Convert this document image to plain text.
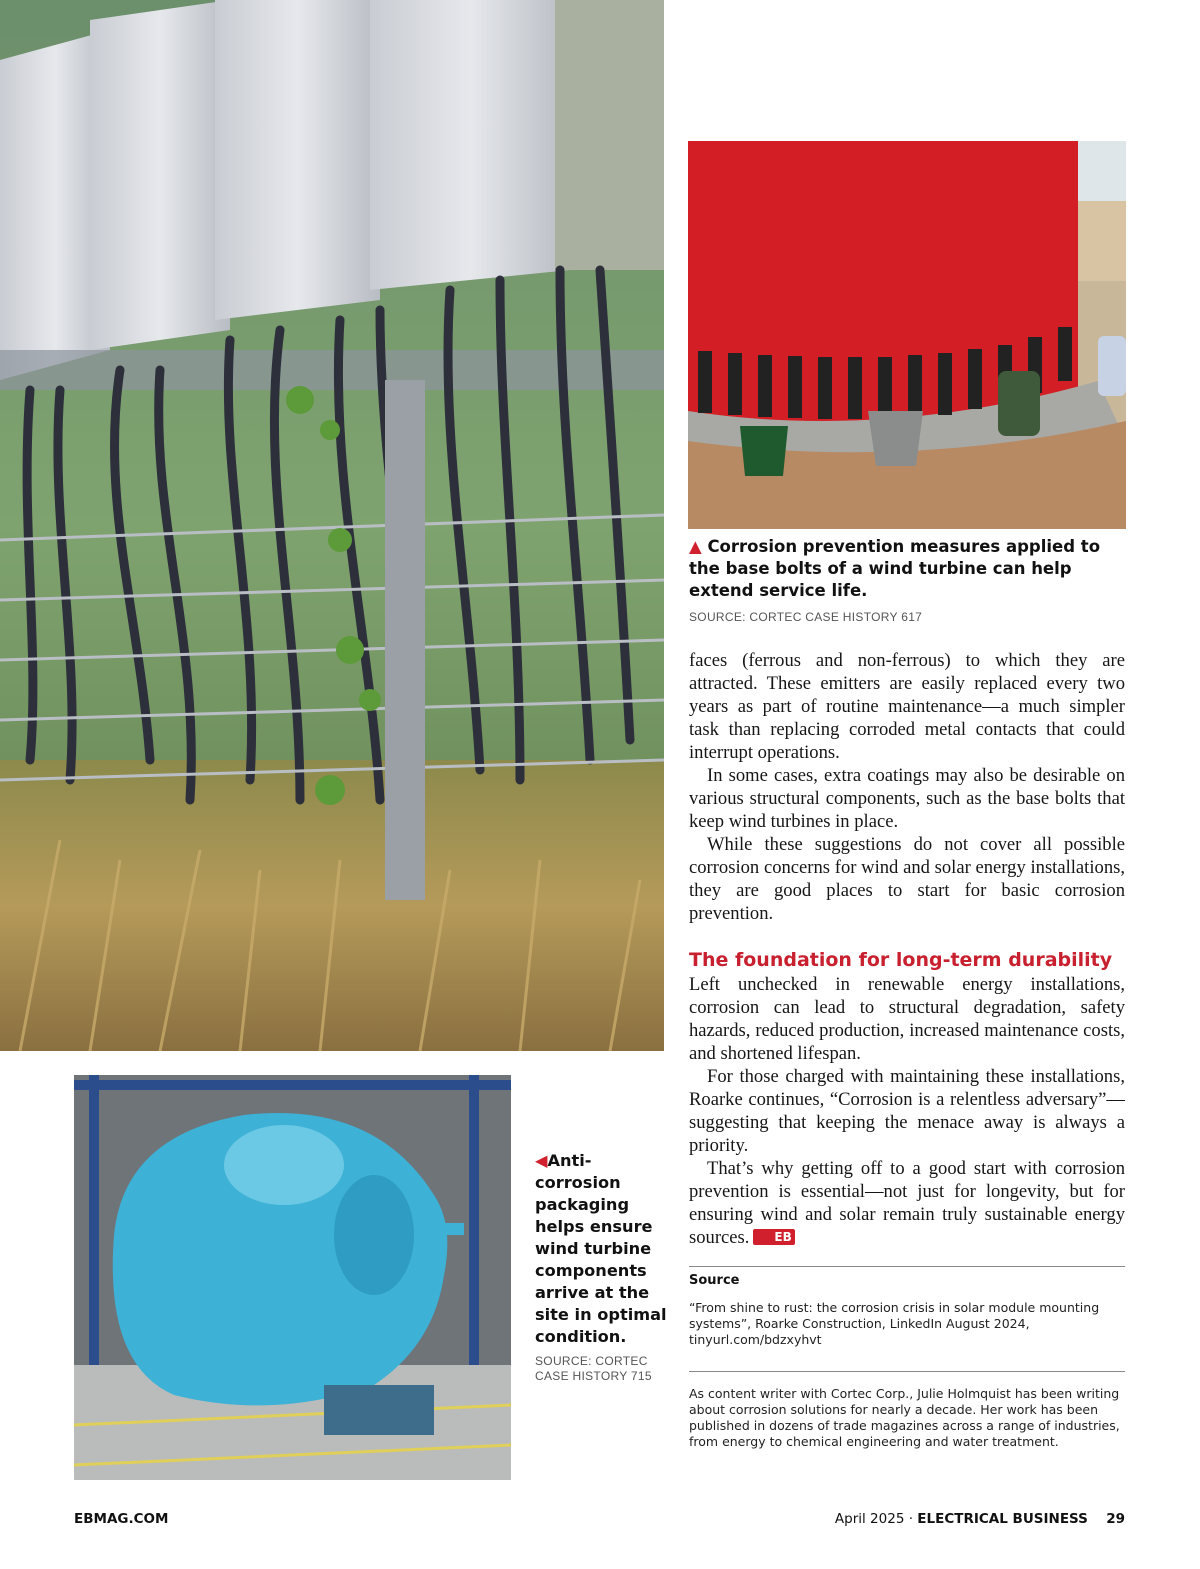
▲ Corrosion prevention measures applied to the base bolts of a wind turbine can help extend service life.
SOURCE: CORTEC CASE HISTORY 617
◀Anti-corrosion packaging helps ensure wind turbine components arrive at the site in optimal condition.
SOURCE: CORTEC CASE HISTORY 715

faces (ferrous and non-ferrous) to which they are attracted. These emitters are easily replaced every two years as part of routine maintenance—a much simpler task than replacing corroded metal contacts that could interrupt operations.

In some cases, extra coatings may also be desirable on various structural components, such as the base bolts that keep wind turbines in place.

While these suggestions do not cover all possible corrosion concerns for wind and solar energy installations, they are good places to start for basic corrosion prevention.

The foundation for long-term durability

Left unchecked in renewable energy installations, corrosion can lead to structural degradation, safety hazards, reduced production, increased maintenance costs, and shortened lifespan.

For those charged with maintaining these installations, Roarke continues, “Corrosion is a relentless adversary”—suggesting that keeping the menace away is always a priority.

That’s why getting off to a good start with corrosion prevention is essential—not just for longevity, but for ensuring wind and solar remain truly sustainable energy sources. EB

Source
“From shine to rust: the corrosion crisis in solar module mounting systems”, Roarke Construction, LinkedIn August 2024, tinyurl.com/bdzxyhvt
As content writer with Cortec Corp., Julie Holmquist has been writing about corrosion solutions for nearly a decade. Her work has been published in dozens of trade magazines across a range of industries, from energy to chemical engineering and water treatment.
EBMAG.COM	April 2025 · ELECTRICAL BUSINESS 29
